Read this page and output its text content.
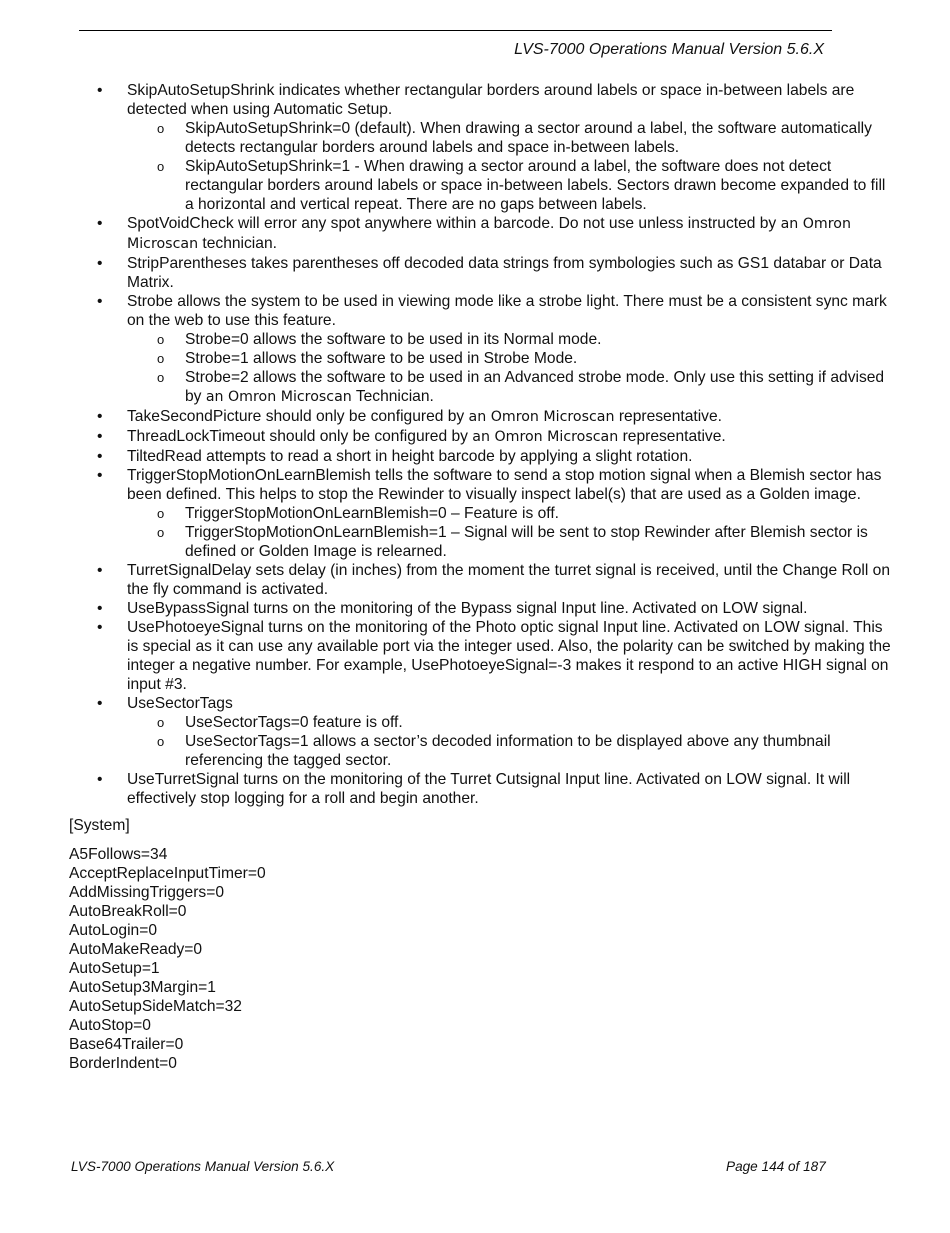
LVS-7000 Operations Manual Version 5.6.X
• SkipAutoSetupShrink indicates whether rectangular borders around labels or space in-between labels are detected when using Automatic Setup.
o SkipAutoSetupShrink=0 (default). When drawing a sector around a label, the software automatically detects rectangular borders around labels and space in-between labels.
o SkipAutoSetupShrink=1 - When drawing a sector around a label, the software does not detect rectangular borders around labels or space in-between labels. Sectors drawn become expanded to fill a horizontal and vertical repeat. There are no gaps between labels.
• SpotVoidCheck will error any spot anywhere within a barcode. Do not use unless instructed by an Omron Microscan technician.
• StripParentheses takes parentheses off decoded data strings from symbologies such as GS1 databar or Data Matrix.
• Strobe allows the system to be used in viewing mode like a strobe light. There must be a consistent sync mark on the web to use this feature.
o Strobe=0 allows the software to be used in its Normal mode.
o Strobe=1 allows the software to be used in Strobe Mode.
o Strobe=2 allows the software to be used in an Advanced strobe mode. Only use this setting if advised by an Omron Microscan Technician.
• TakeSecondPicture should only be configured by an Omron Microscan representative.
• ThreadLockTimeout should only be configured by an Omron Microscan representative.
• TiltedRead attempts to read a short in height barcode by applying a slight rotation.
• TriggerStopMotionOnLearnBlemish tells the software to send a stop motion signal when a Blemish sector has been defined. This helps to stop the Rewinder to visually inspect label(s) that are used as a Golden image.
o TriggerStopMotionOnLearnBlemish=0 – Feature is off.
o TriggerStopMotionOnLearnBlemish=1 – Signal will be sent to stop Rewinder after Blemish sector is defined or Golden Image is relearned.
• TurretSignalDelay sets delay (in inches) from the moment the turret signal is received, until the Change Roll on the fly command is activated.
• UseBypassSignal turns on the monitoring of the Bypass signal Input line. Activated on LOW signal.
• UsePhotoeyeSignal turns on the monitoring of the Photo optic signal Input line. Activated on LOW signal. This is special as it can use any available port via the integer used. Also, the polarity can be switched by making the integer a negative number. For example, UsePhotoeyeSignal=-3 makes it respond to an active HIGH signal on input #3.
• UseSectorTags
o UseSectorTags=0 feature is off.
o UseSectorTags=1 allows a sector’s decoded information to be displayed above any thumbnail referencing the tagged sector.
• UseTurretSignal turns on the monitoring of the Turret Cutsignal Input line. Activated on LOW signal. It will effectively stop logging for a roll and begin another.
[System]
A5Follows=34
AcceptReplaceInputTimer=0
AddMissingTriggers=0
AutoBreakRoll=0
AutoLogin=0
AutoMakeReady=0
AutoSetup=1
AutoSetup3Margin=1
AutoSetupSideMatch=32
AutoStop=0
Base64Trailer=0
BorderIndent=0
LVS-7000 Operations Manual Version 5.6.X	Page 144 of 187
